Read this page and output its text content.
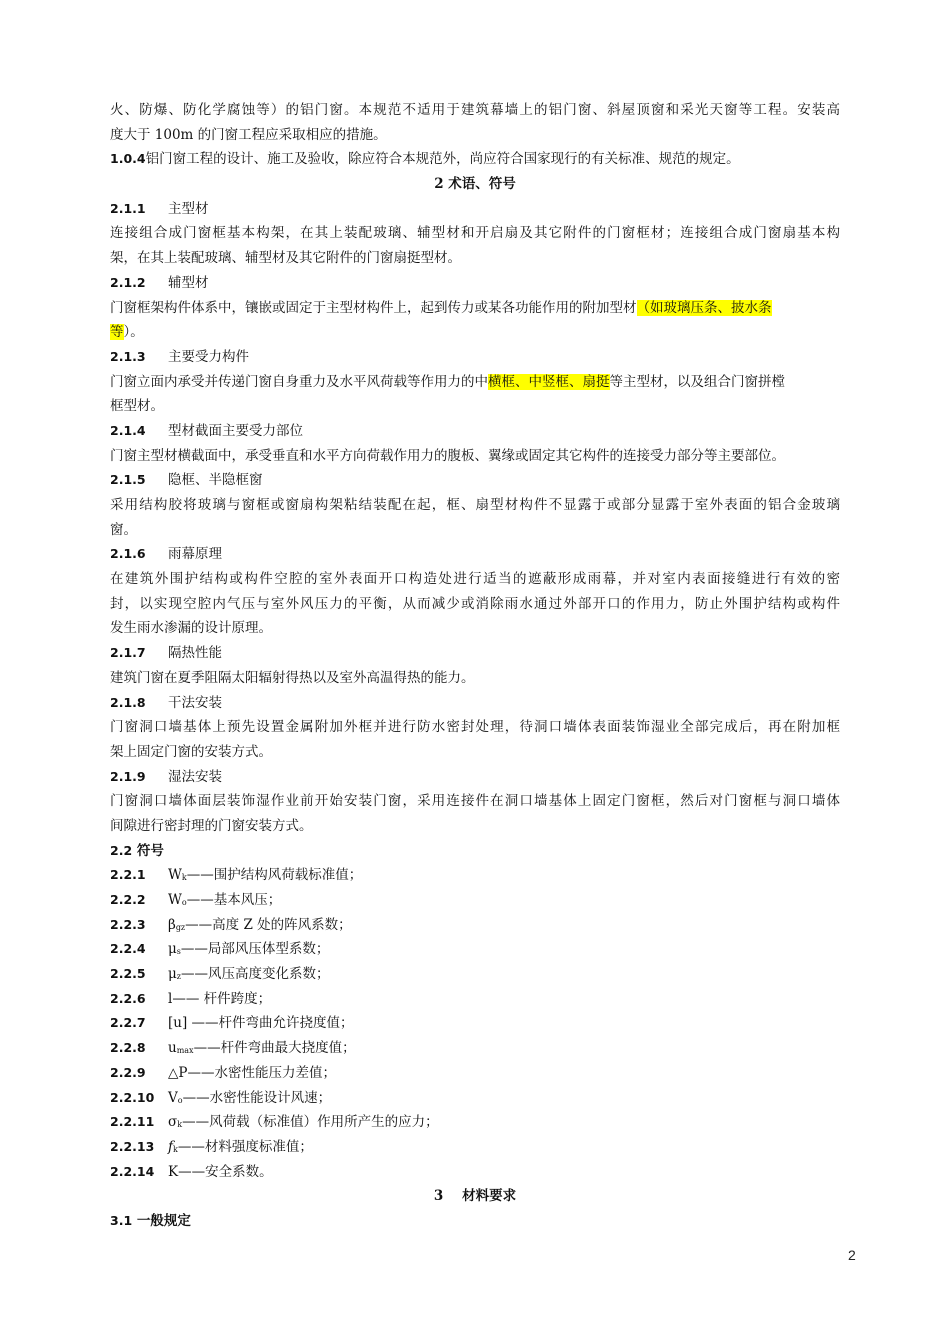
火、防爆、防化学腐蚀等）的铝门窗。本规范不适用于建筑幕墙上的铝门窗、斜屋顶窗和采光天窗等工程。安装高
度大于 100m 的门窗工程应采取相应的措施。
1.0.4铝门窗工程的设计、施工及验收，除应符合本规范外，尚应符合国家现行的有关标准、规范的规定。
2 术语、符号
2.1.1 主型材
连接组合成门窗框基本构架，在其上装配玻璃、辅型材和开启扇及其它附件的门窗框材；连接组合成门窗扇基本构
架，在其上装配玻璃、辅型材及其它附件的门窗扇挺型材。
2.1.2 辅型材
门窗框架构件体系中，镶嵌或固定于主型材构件上，起到传力或某各功能作用的附加型材（如玻璃压条、披水条
等）。
2.1.3 主要受力构件
门窗立面内承受并传递门窗自身重力及水平风荷载等作用力的中横框、中竖框、扇挺等主型材，以及组合门窗拼樘
框型材。
2.1.4 型材截面主要受力部位
门窗主型材横截面中，承受垂直和水平方向荷载作用力的腹板、翼缘或固定其它构件的连接受力部分等主要部位。
2.1.5 隐框、半隐框窗
采用结构胶将玻璃与窗框或窗扇构架粘结装配在起，框、扇型材构件不显露于或部分显露于室外表面的铝合金玻璃
窗。
2.1.6 雨幕原理
在建筑外围护结构或构件空腔的室外表面开口构造处进行适当的遮蔽形成雨幕，并对室内表面接缝进行有效的密
封，以实现空腔内气压与室外风压力的平衡，从而减少或消除雨水通过外部开口的作用力，防止外围护结构或构件
发生雨水渗漏的设计原理。
2.1.7 隔热性能
建筑门窗在夏季阻隔太阳辐射得热以及室外高温得热的能力。
2.1.8 干法安装
门窗洞口墙基体上预先设置金属附加外框并进行防水密封处理，待洞口墙体表面装饰湿业全部完成后，再在附加框
架上固定门窗的安装方式。
2.1.9 湿法安装
门窗洞口墙体面层装饰湿作业前开始安装门窗，采用连接件在洞口墙基体上固定门窗框，然后对门窗框与洞口墙体
间隙进行密封理的门窗安装方式。
2.2 符号
2.2.1 $W_k——$围护结构风荷载标准值；
2.2.2 $W_o——$基本风压；
2.2.3 $\beta_{gz}——$高度 Z 处的阵风系数；
2.2.4 $\mu_s——$局部风压体型系数；
2.2.5 $\mu_z——$风压高度变化系数；
2.2.6 l—— 杆件跨度；
2.2.7 [u] ——杆件弯曲允许挠度值；
2.2.8 $u_{max}——$杆件弯曲最大挠度值；
2.2.9 △P——水密性能压力差值；
2.2.10 $V_o——$水密性能设计风速；
2.2.11 $\sigma_k——$风荷载（标准值）作用所产生的应力；
2.2.13 $f_k——$材料强度标准值；
2.2.14 K——安全系数。
3    材料要求
3.1 一般规定
2
